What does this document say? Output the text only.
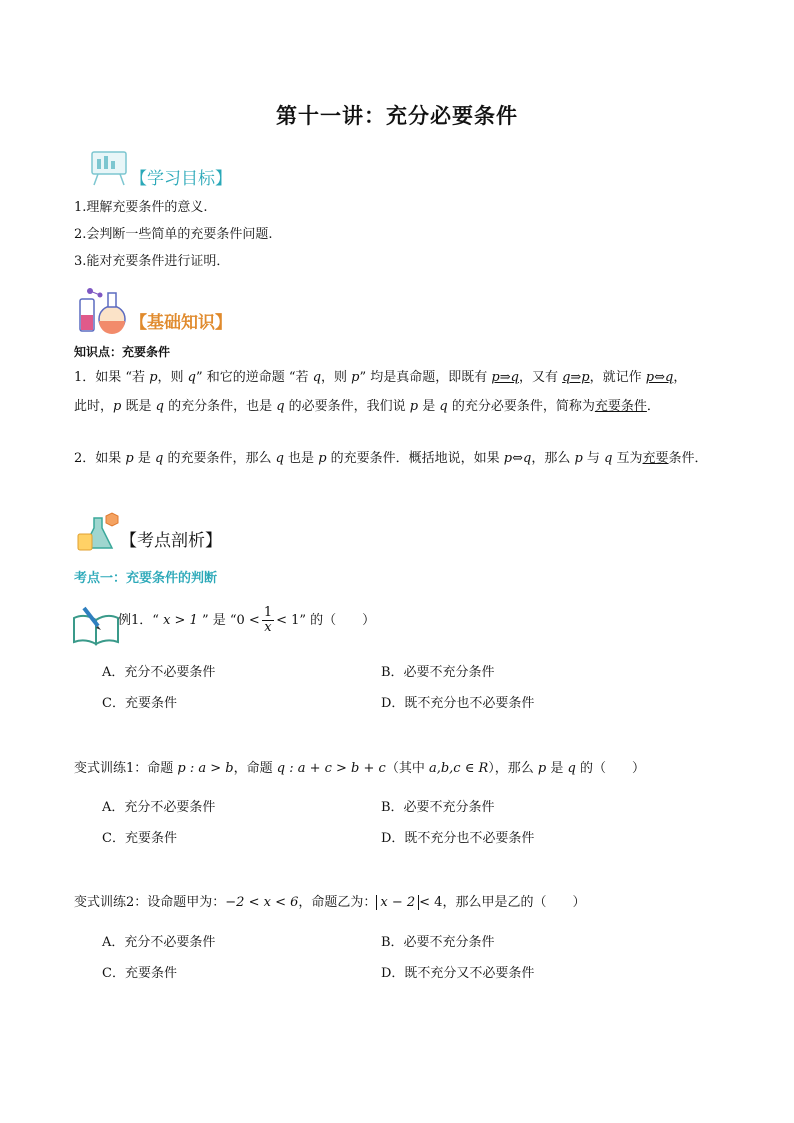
第十一讲：充分必要条件
【学习目标】
1.理解充要条件的意义.
2.会判断一些简单的充要条件问题.
3.能对充要条件进行证明．
【基础知识】
知识点：充要条件
1．如果 “若 p，则 q” 和它的逆命题 “若 q，则 p” 均是真命题，即既有 p⇒q，又有 q⇒p，就记作 p⇔q，
此时，p 既是 q 的充分条件，也是 q 的必要条件，我们说 p 是 q 的充分必要条件，简称为充要条件．
2．如果 p 是 q 的充要条件，那么 q 也是 p 的充要条件．概括地说，如果 p⇔q，那么 p 与 q 互为充要条件．
【考点剖析】
考点一：充要条件的判断
例1．“ x > 1 ” 是 “$0 < \frac{1}{x} < 1$” 的（　　）
A．充分不必要条件	B．必要不充分条件
C．充要条件	D．既不充分也不必要条件
变式训练1：命题 p : a > b，命题 q : a + c > b + c（其中 a,b,c ∈ R），那么 p 是 q 的（　　）
A．充分不必要条件	B．必要不充分条件
C．充要条件	D．既不充分也不必要条件
变式训练2：设命题甲为：−2 < x < 6，命题乙为： x − 2 < 4，那么甲是乙的（　　）
A．充分不必要条件	B．必要不充分条件
C．充要条件	D．既不充分又不必要条件
